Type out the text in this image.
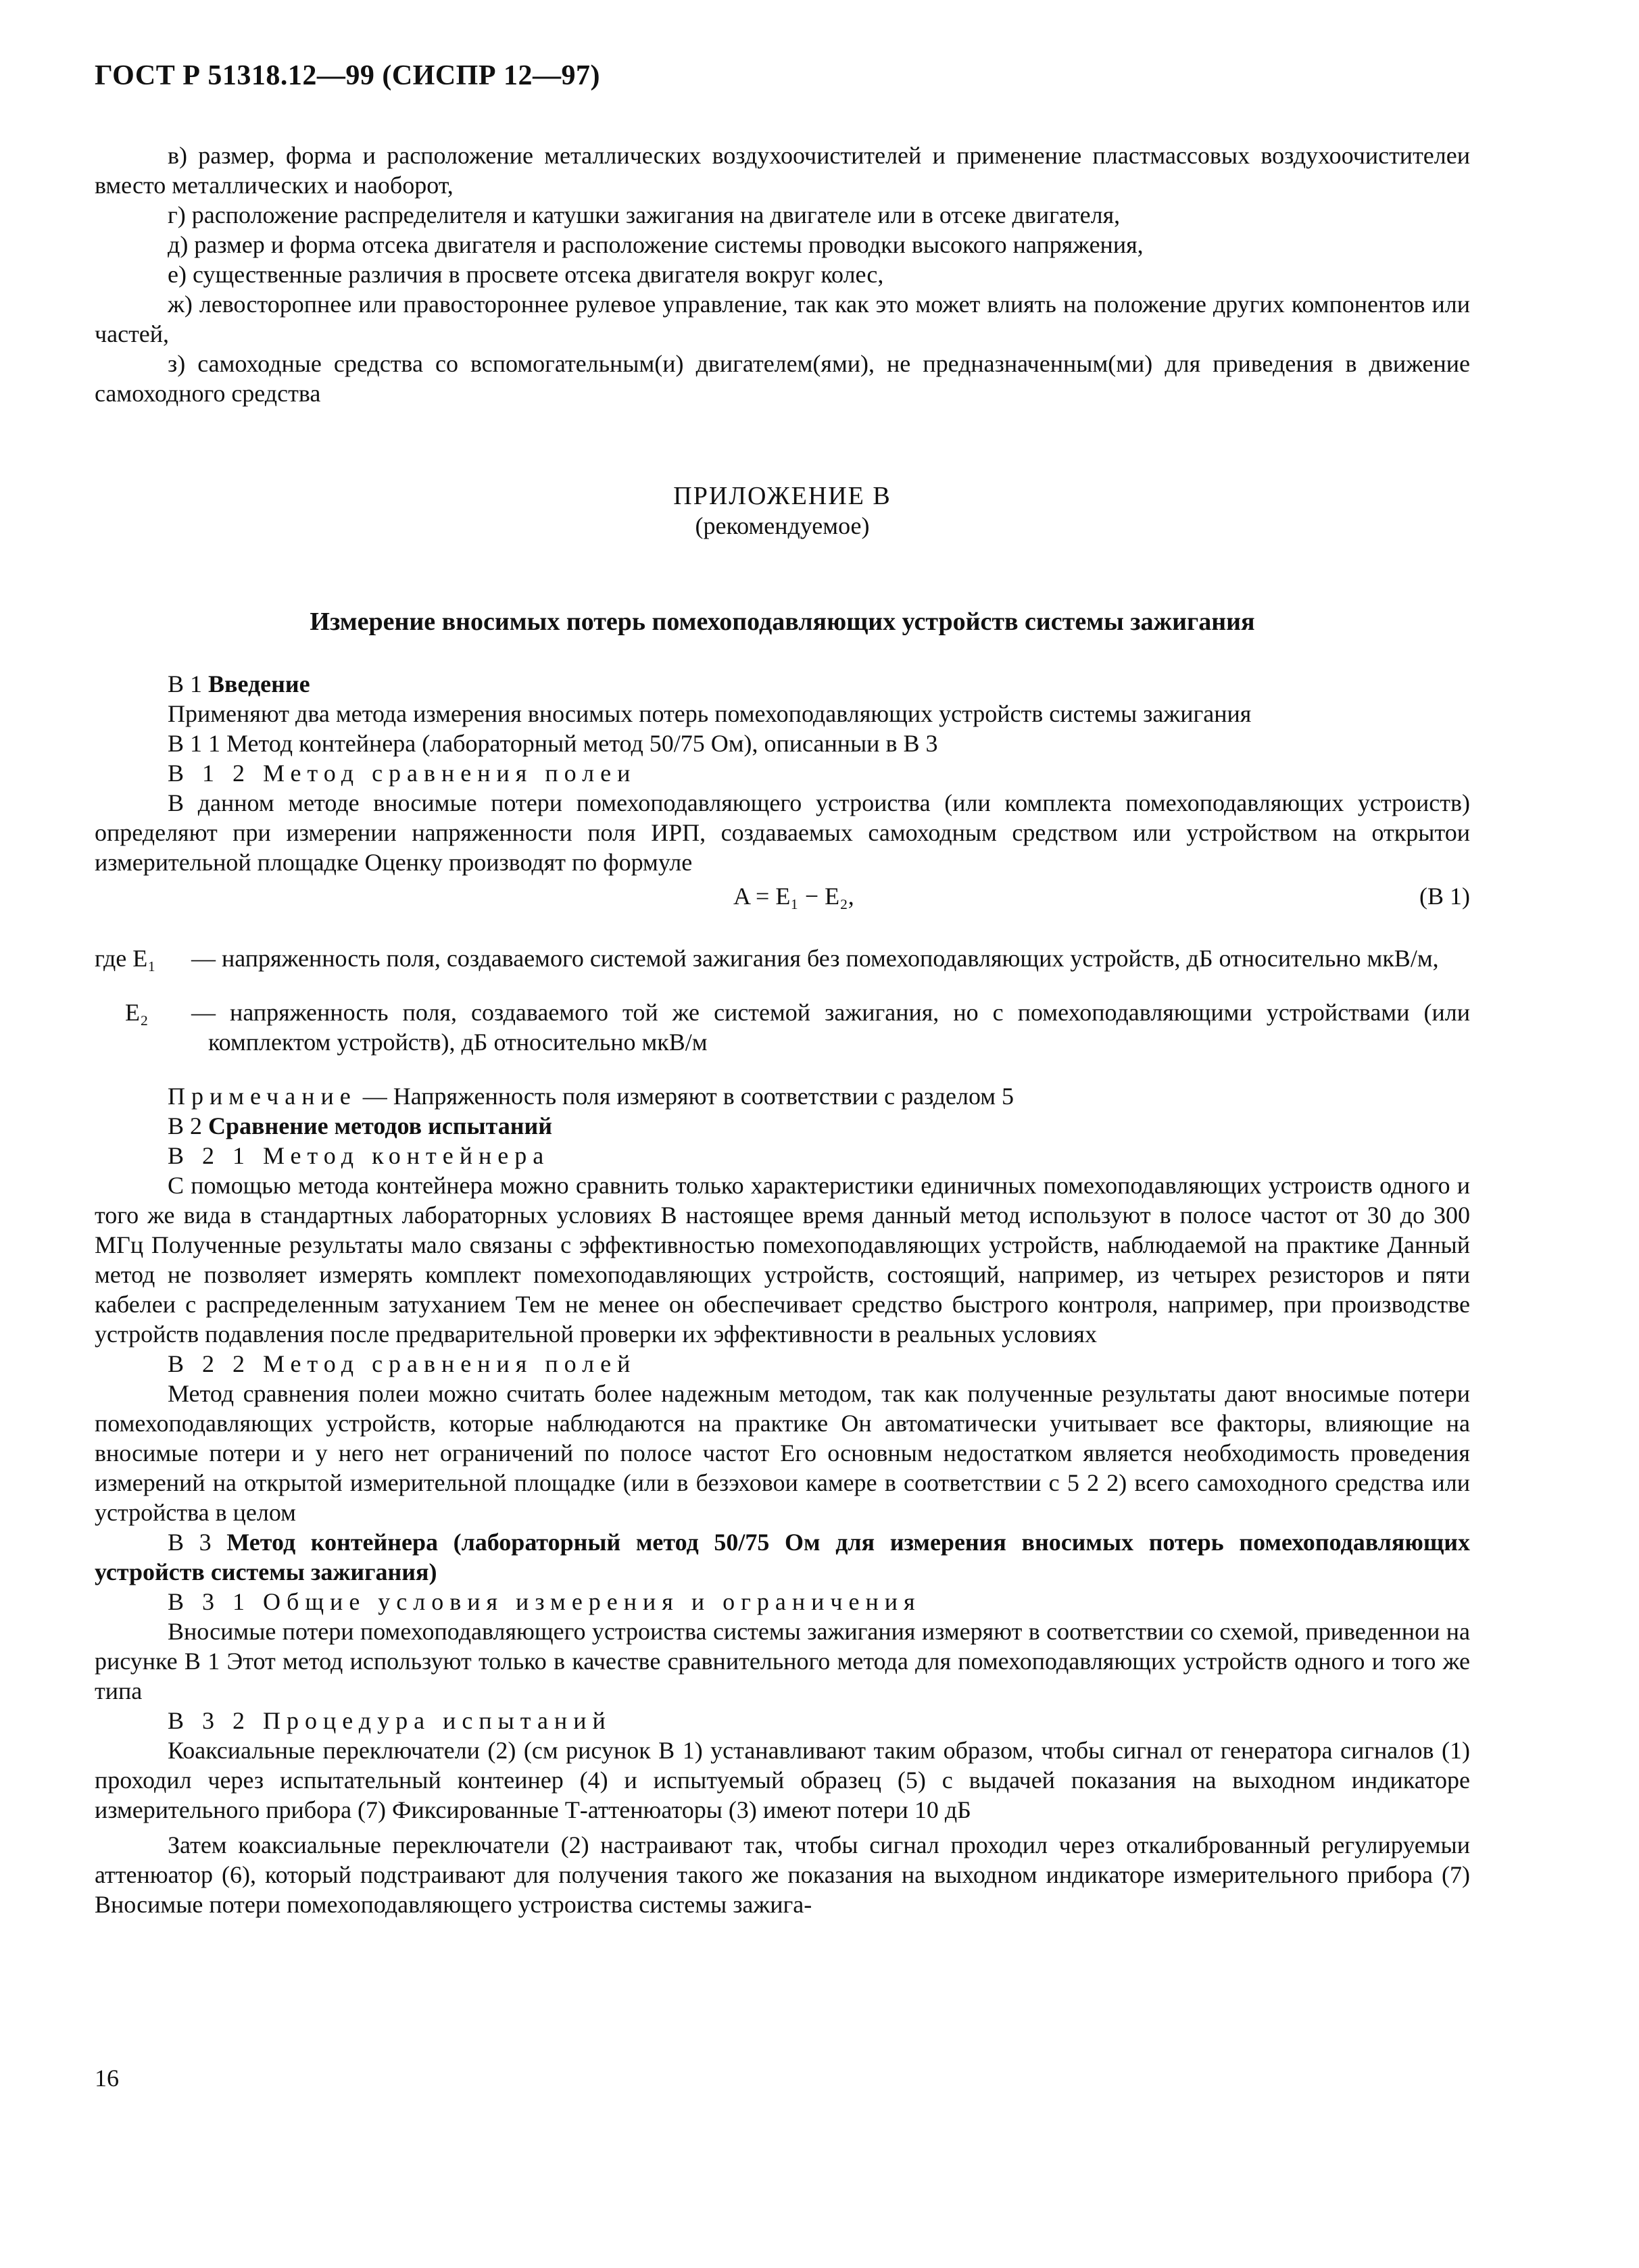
ГОСТ Р 51318.12—99 (СИСПР 12—97)

в) размер, форма и расположение металлических воздухоочистителей и применение пластмассовых воздухоочистителеи вместо металлических и наоборот,

г) расположение распределителя и катушки зажигания на двигателе или в отсеке двигателя,

д) размер и форма отсека двигателя и расположение системы проводки высокого напряжения,

е) существенные различия в просвете отсека двигателя вокруг колес,

ж) левосторопнее или правостороннее рулевое управление, так как это может влиять на положение других компонентов или частей,

з) самоходные средства со вспомогательным(и) двигателем(ями), не предназначенным(ми) для приведения в движение самоходного средства

ПРИЛОЖЕНИЕ В

(рекомендуемое)

Измерение вносимых потерь помехоподавляющих устройств системы зажигания

В 1 Введение

Применяют два метода измерения вносимых потерь помехоподавляющих устройств системы зажигания

В 1 1 Метод контейнера (лабораторный метод 50/75 Ом), описанныи в В 3

В 1 2 Метод сравнения полеи

В данном методе вносимые потери помехоподавляющего устроиства (или комплекта помехоподавляющих устроиств) определяют при измерении напряженности поля ИРП, создаваемых самоходным средством или устройством на открытои измерительной площадке Оценку производят по формуле

A = E₁ − E₂,	(В 1)
где E₁ — напряженность поля, создаваемого системой зажигания без помехоподавляющих устройств, дБ относительно мкВ/м,

E₂ — напряженность поля, создаваемого той же системой зажигания, но с помехоподавляющими устройствами (или комплектом устройств), дБ относительно мкВ/м

Примечание — Напряженность поля измеряют в соответствии с разделом 5

В 2 Сравнение методов испытаний

В 2 1 Метод контейнера

С помощью метода контейнера можно сравнить только характеристики единичных помехоподавляющих устроиств одного и того же вида в стандартных лабораторных условиях В настоящее время данный метод используют в полосе частот от 30 до 300 МГц Полученные результаты мало связаны с эффективностью помехоподавляющих устройств, наблюдаемой на практике Данный метод не позволяет измерять комплект помехоподавляющих устройств, состоящий, например, из четырех резисторов и пяти кабелеи с распределенным затуханием Тем не менее он обеспечивает средство быстрого контроля, например, при производстве устройств подавления после предварительной проверки их эффективности в реальных условиях

В 2 2 Метод сравнения полей

Метод сравнения полеи можно считать более надежным методом, так как полученные результаты дают вносимые потери помехоподавляющих устройств, которые наблюдаются на практике Он автоматически учитывает все факторы, влияющие на вносимые потери и у него нет ограничений по полосе частот Его основным недостатком является необходимость проведения измерений на открытой измерительной площадке (или в безэховои камере в соответствии с 5 2 2) всего самоходного средства или устройства в целом

В 3 Метод контейнера (лабораторный метод 50/75 Ом для измерения вносимых потерь помехоподавляющих устройств системы зажигания)

В 3 1 Общие условия измерения и ограничения

Вносимые потери помехоподавляющего устроиства системы зажигания измеряют в соответствии со схемой, приведеннои на рисунке В 1 Этот метод используют только в качестве сравнительного метода для помехоподавляющих устройств одного и того же типа

В 3 2 Процедура испытаний

Коаксиальные переключатели (2) (см рисунок В 1) устанавливают таким образом, чтобы сигнал от генератора сигналов (1) проходил через испытательный контеинер (4) и испытуемый образец (5) с выдачей показания на выходном индикаторе измерительного прибора (7) Фиксированные Т-аттенюаторы (3) имеют потери 10 дБ

Затем коаксиальные переключатели (2) настраивают так, чтобы сигнал проходил через откалиброванный регулируемыи аттенюатор (6), который подстраивают для получения такого же показания на выходном индикаторе измерительного прибора (7) Вносимые потери помехоподавляющего устроиства системы зажига-

16
